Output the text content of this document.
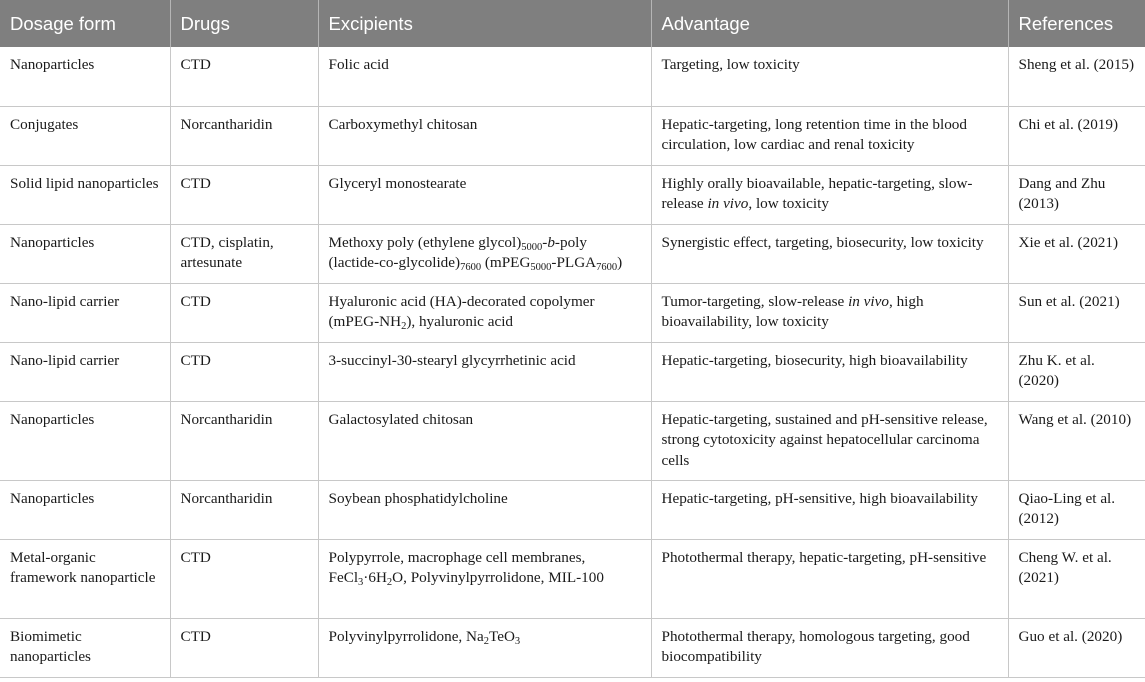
Dosage form	Drugs	Excipients	Advantage	References
Nanoparticles	CTD	Folic acid	Targeting, low toxicity	Sheng et al. (2015)
Conjugates	Norcantharidin	Carboxymethyl chitosan	Hepatic-targeting, long retention time in the blood circulation, low cardiac and renal toxicity	Chi et al. (2019)
Solid lipid nanoparticles	CTD	Glyceryl monostearate	Highly orally bioavailable, hepatic-targeting, slow-release in vivo, low toxicity	Dang and Zhu (2013)
Nanoparticles	CTD, cisplatin, artesunate	Methoxy poly (ethylene $glycol)_{5000}-b$-poly $(lactide-co-glycolide)_{7600}$ $(mPEG_{5000}-PLGA_{7600})$	Synergistic effect, targeting, biosecurity, low toxicity	Xie et al. (2021)
Nano-lipid carrier	CTD	Hyaluronic acid (HA)-decorated copolymer $(mPEG-NH_2)$, hyaluronic acid	Tumor-targeting, slow-release in vivo, high bioavailability, low toxicity	Sun et al. (2021)
Nano-lipid carrier	CTD	3-succinyl-30-stearyl glycyrrhetinic acid	Hepatic-targeting, biosecurity, high bioavailability	Zhu K. et al. (2020)
Nanoparticles	Norcantharidin	Galactosylated chitosan	Hepatic-targeting, sustained and pH-sensitive release, strong cytotoxicity against hepatocellular carcinoma cells	Wang et al. (2010)
Nanoparticles	Norcantharidin	Soybean phosphatidylcholine	Hepatic-targeting, pH-sensitive, high bioavailability	Qiao-Ling et al. (2012)
Metal-organic framework nanoparticle	CTD	Polypyrrole, macrophage cell membranes, $FeCl_3\cdot 6H_2O$, Polyvinylpyrrolidone, MIL-100	Photothermal therapy, hepatic-targeting, pH-sensitive	Cheng W. et al. (2021)
Biomimetic nanoparticles	CTD	Polyvinylpyrrolidone, $Na_2TeO_3$	Photothermal therapy, homologous targeting, good biocompatibility	Guo et al. (2020)
